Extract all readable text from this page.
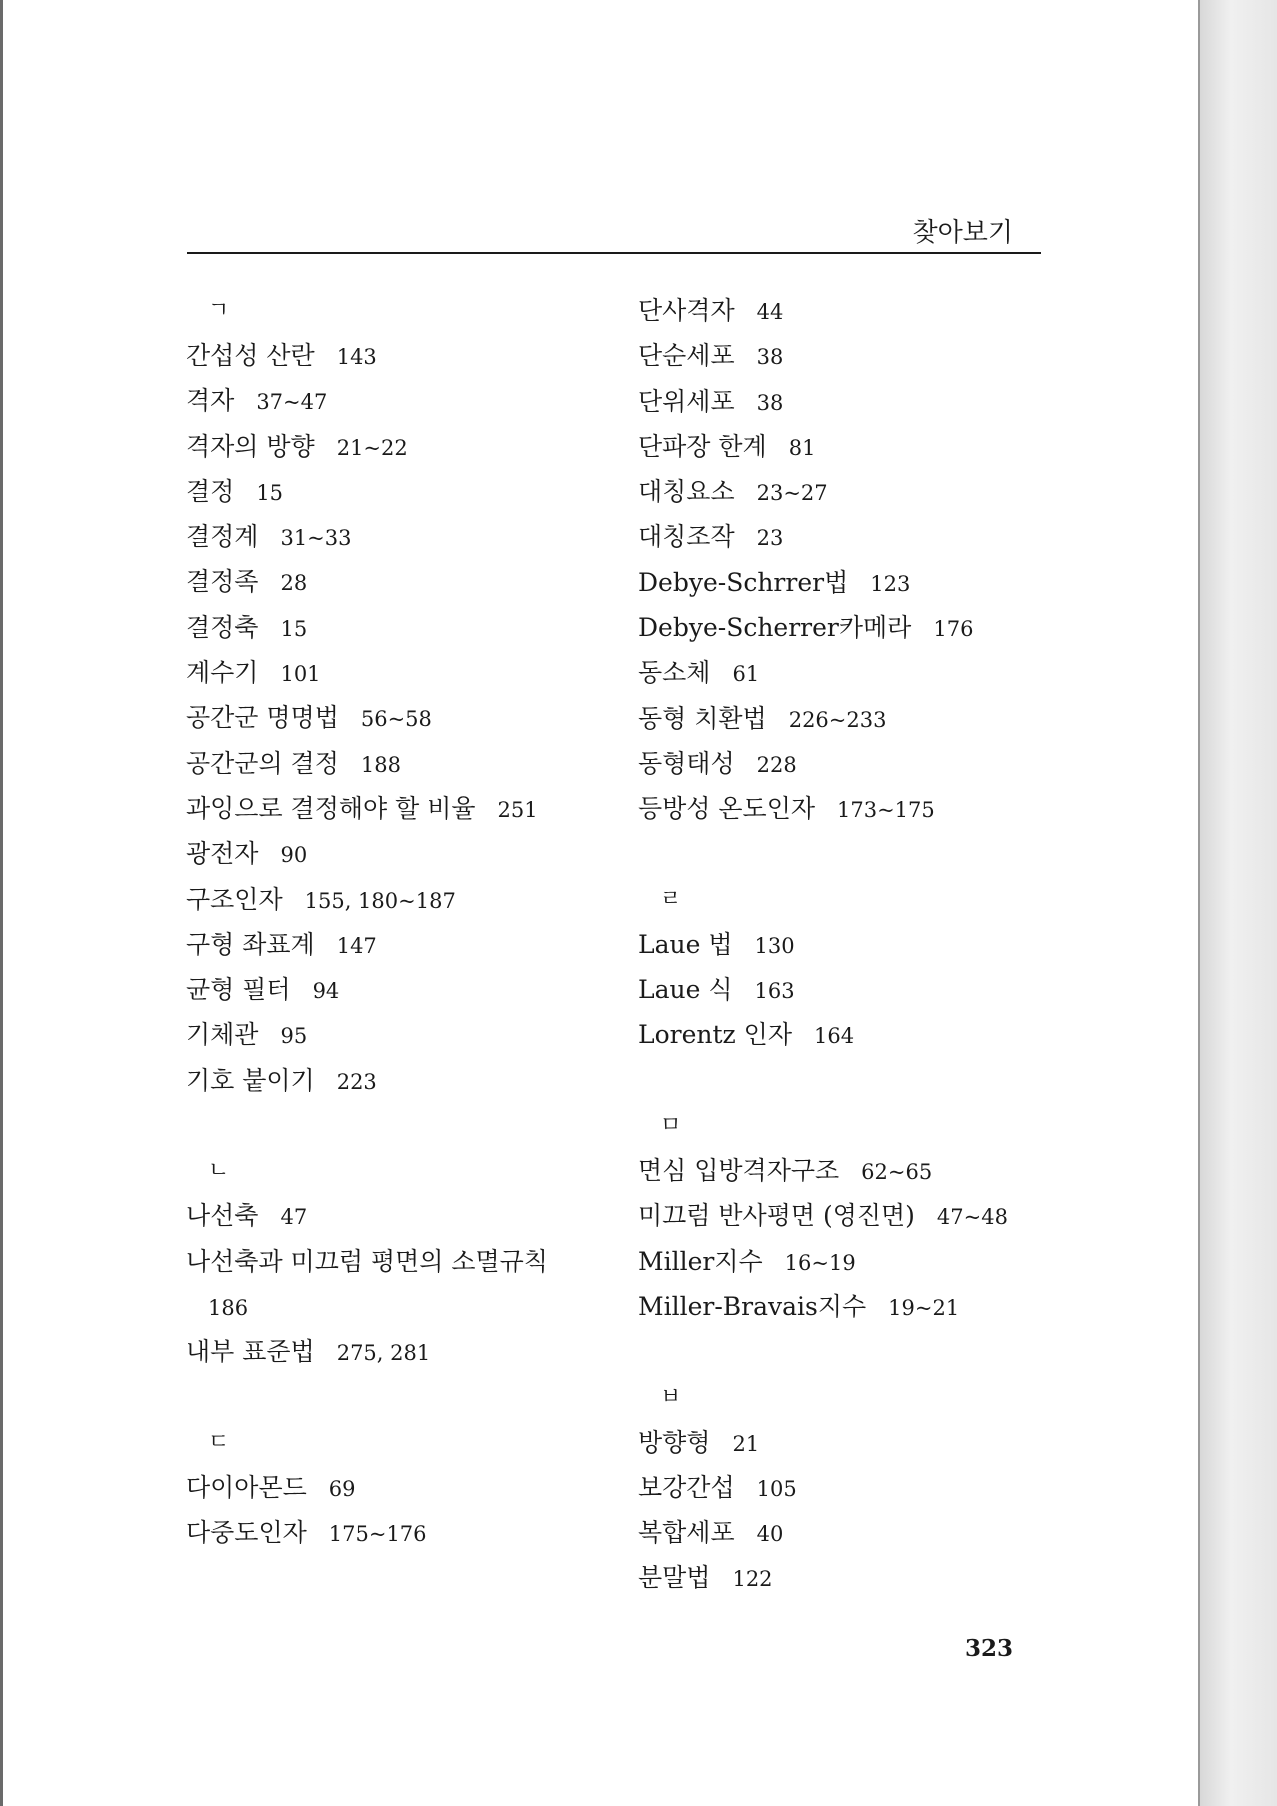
찾아보기
ㄱ
간섭성 산란 143
격자 37~47
격자의 방향 21~22
결정 15
결정계 31~33
결정족 28
결정축 15
계수기 101
공간군 명명법 56~58
공간군의 결정 188
과잉으로 결정해야 할 비율 251
광전자 90
구조인자 155, 180~187
구형 좌표계 147
균형 필터 94
기체관 95
기호 붙이기 223
ㄴ
나선축 47
나선축과 미끄럼 평면의 소멸규칙
186
내부 표준법 275, 281
ㄷ
다이아몬드 69
다중도인자 175~176
단사격자 44
단순세포 38
단위세포 38
단파장 한계 81
대칭요소 23~27
대칭조작 23
Debye-Schrrer법 123
Debye-Scherrer카메라 176
동소체 61
동형 치환법 226~233
동형태성 228
등방성 온도인자 173~175
ㄹ
Laue 법 130
Laue 식 163
Lorentz 인자 164
ㅁ
면심 입방격자구조 62~65
미끄럼 반사평면 (영진면) 47~48
Miller지수 16~19
Miller-Bravais지수 19~21
ㅂ
방향형 21
보강간섭 105
복합세포 40
분말법 122
323
